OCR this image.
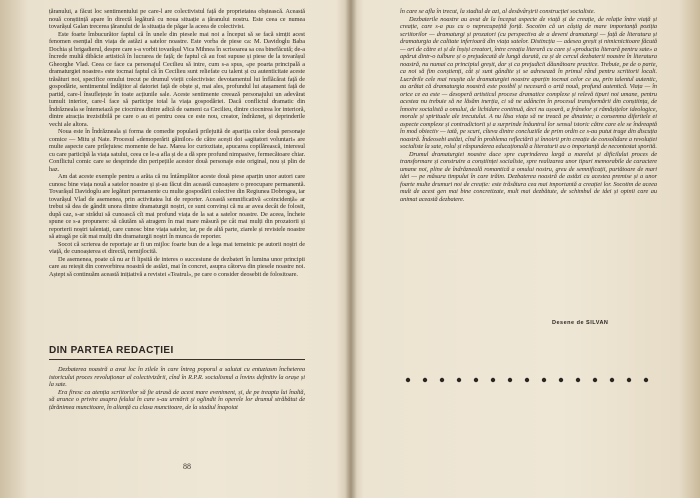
țăranului, a făcut loc sentimentului pe care-l are colectivistul față de proprietatea obștească. Această nouă conștiință apare în directă legătură cu noua situație a țăranului nostru. Este ceea ce numea tovarășul Galan trecerea țăranului de la situația de păgar la aceea de colectivist.

Este foarte îmbucurător faptul că în unele din piesele mai noi a început să se facă simțit acest fenomen esențial din viața de astăzi a satelor noastre. Este vorba de piese ca: M. Davidoglu Baba Dochia și brigadierul, despre care s-a vorbit tovarășul Vica Mihnea în scrisoarea sa cea binefăcută; de-a încrede multă dibăcie artistică în lucrarea de față; de faptul că au fost supuse și piese de la tovarășul Gheorghe Vlad. Ceea ce face ca personajul Cecilieu să intre, cum s-a spus, «pe poarta principală a dramaturgiei noastre» este tocmai faptul că în Cecilieu sunt reliefate cu talent și cu autenticitate aceste trăsături noi, specifice omului trecut pe drumul vieții colectiviste: devotamentul lui înflăcărat față de gospodărie, sentimentul îndăjitor al datoriei față de obște și, mai ales, profundul lui atașament față de partid, care-l însuflețește în toate acțiunile sale. Aceste sentimente creează personajului un adevărat tumult interior, care-l face să participe total la viața gospodăriei. Dacă conflictul dramatic din Îndrăzneala se întemeiază pe ciocnirea dintre adică de oameni ca Cecilieu, dintre ciocnirea lor interioră, dintre atracția irezistibilă pe care o au ei pentru ceea ce este nou, creator, îndrăzneț, și deprinderile vechi ale altora.

Noua este în Îndrăzneala și forma de comedie populară prilejuită de apariția celor două personaje comice — Mitu și Nate. Procesul «demoperării găinilor» de către acești doi «agitatori voluntari» are multe aspecte care prilejuiesc momente de haz. Marea lor curiozitate, apucarea copilărească, interesul cu care participă la viața satului, ceea ce le-a afla și de a dă spre profund nimpasive, fermecătoare chiar. Conflictul comic care se desprinde din peripețiile acestor două personaje este original, nou și plin de haz.

Am dat aceste exemple pentru a arăta că nu întâmplător aceste două piese aparțin unor autori care cunosc bine viața nouă a satelor noastre și și-au făcut din această cunoaștere o preocupare permanentă. Tovarășul Davidoglu are legături permanente cu multe gospodării colective din Regiunea Dobrogea, iar tovarășul Vlad de asemenea, prin activitatea lui de reporter. Această semnificativă «coincidență» ar trebui să dea de gândit unora dintre dramaturgii noștri, ce sunt convinși că nu ar avea decât de folosit, după caz, s-ar strădui să cunoască cît mai profund viața de la sat a satelor noastre. De aceea, încheie spune ce s-a propunere: să căutăm să atragem în mai mare măsură pe cât mai mulți din prozatorii și reporterii noștri talentați, care cunosc bine viața satelor, iar, pe de altă parte, ziarele și revistele noastre să atragă pe cât mai mulți din dramaturgii noștri în munca de reporter.

Socot că scrierea de reportaje ar fi un mijloc foarte bun de a lega mai temeinic pe autorii noștri de viață, de cunoașterea ei directă, nemijlocită.

De asemenea, poate că nu ar fi lipsită de interes o succesiune de dezbateri în lumina unor principii care au reieșit din convorbirea noastră de astăzi, mai în concret, asupra câtorva din piesele noastre noi. Aștept să continuăm această inițiativă a revistei «Teatrul», pe care o consider deosebit de folositoare.

DIN PARTEA REDACȚIEI

Dezbaterea noastră a avut loc în zilele în care întreg poporul a salutat cu entuziasm încheierea istoricului proces revoluționar al colectivizării, cînd în R.P.R. socialismul a învins definitiv la orașe și la sate.

Era firesc ca atenția scriitorilor să fie atrasă de acest mare eveniment, și, de pe treapta lui înaltă, să arunce o privire asupra felului în care s-au urmărit și oglindit în operele lor drumul străbătut de țărănimea muncitoare, în alianță cu clasa muncitoare, de la stadiul înapoiat

88

în care se afla în trecut, la stadiul de azi, al desăvârșirii construcției socialiste.

Dezbaterile noastre au avut de la început aspecte de viață și de creație, de relație între viață și creație, care s-a pus cu o neprecupețită forță. Socotim că un câștig de mare importanță poziția scriitorilor — dramaturgi și prozatori (cu perspectiva de a deveni dramaturgi — față de literatura și dramaturgia de calitate inferioară din viața satelor. Distincția — adesea greșit și nimicnicitoare făcută — ori de către ei și de înșiși creatori, între creația literară cu care și «producția literară pentru sate» a apărut dintr-o tulbure și o prejudecată de lungă durată, ca și de cercul dezbaterii noastre în literatura noastră, nu numai ca principiul greșit, dar și ca prejudicii dăunătoare practice. Trebuie, pe de o parte, ca noi să fim conștienți, cât și sunt gândite și se adresează în primul rând pentru scriitorii locali. Lucrările cele mai reușite ale dramaturgiei noastre aparțin tocmai celor ce au, prin talentul autentic, au arătat că dramaturgia noastră este posibil și necesară o artă nouă, profund autentică. Viața — în orice ce ea este — desoperă artisticul procese dramatice complexe și relevă tipuri noi umane, pentru acestea nu trebuie să ne lăsăm inerția, ci să ne adâncim în procesul transformării din conștiința, de înnoire socialistă a omului, de lichidare continuă, deci nu ușoară, a frânelor și rămășițelor ideologice, morale și spirituale ale trecutului. A nu lăsa viața să ne treacă pe dinainte; a consemna diferitele ei aspecte complexe și contradictorii și a surprinde înăuntrul lor sensul istoric către care ele se îndreaptă în mod obiectiv — iată, pe scurt, cîteva dintre concluziile de prim ordin ce s-au putut trage din discuția noastră. Îndeosebi astăzi, cînd în problema reflectării și înnoirii prin creație de consolidare a revoluției socialiste la sate, rolul și răspunderea educațională a literaturii au o importanță de necontestat sporită.

Drumul dramaturgiei noastre duce spre cuprinderea largă a marelui și dificilului proces de transformare și construire a conștiinței socialiste, spre realizarea unor tipuri memorabile de caractere umane noi, pline de îndrăzneală romantică a omului nostru, greu de semnificații, purtătoare de mari idei — pe măsura timpului în care trăim. Dezbaterea noastră de astăzi cu acestea premise și a unor foarte multe drumuri noi de creație: este trăsătura cea mai importantă a creației lor. Socotim de aceea mult de acest gen mai bine concretizate, mult mai dezbătute, de schimbul de idei și opinii care au animat această dezbatere.

Desene de SILVAN
